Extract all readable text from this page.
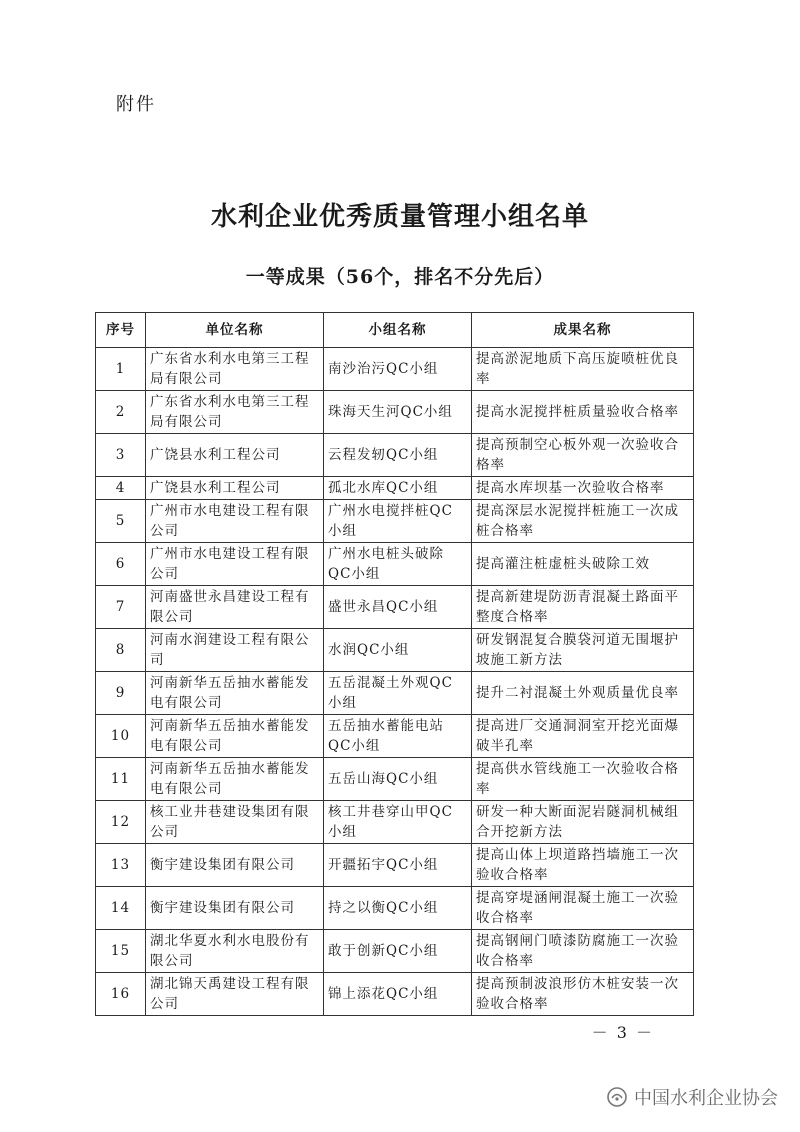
附件
水利企业优秀质量管理小组名单
一等成果（56个，排名不分先后）
序号	单位名称	小组名称	成果名称
1	广东省水利水电第三工程局有限公司	南沙治污QC小组	提高淤泥地质下高压旋喷桩优良率
2	广东省水利水电第三工程局有限公司	珠海天生河QC小组	提高水泥搅拌桩质量验收合格率
3	广饶县水利工程公司	云程发轫QC小组	提高预制空心板外观一次验收合格率
4	广饶县水利工程公司	孤北水库QC小组	提高水库坝基一次验收合格率
5	广州市水电建设工程有限公司	广州水电搅拌桩QC小组	提高深层水泥搅拌桩施工一次成桩合格率
6	广州市水电建设工程有限公司	广州水电桩头破除QC小组	提高灌注桩虚桩头破除工效
7	河南盛世永昌建设工程有限公司	盛世永昌QC小组	提高新建堤防沥青混凝土路面平整度合格率
8	河南水润建设工程有限公司	水润QC小组	研发钢混复合膜袋河道无围堰护坡施工新方法
9	河南新华五岳抽水蓄能发电有限公司	五岳混凝土外观QC小组	提升二衬混凝土外观质量优良率
10	河南新华五岳抽水蓄能发电有限公司	五岳抽水蓄能电站QC小组	提高进厂交通洞洞室开挖光面爆破半孔率
11	河南新华五岳抽水蓄能发电有限公司	五岳山海QC小组	提高供水管线施工一次验收合格率
12	核工业井巷建设集团有限公司	核工井巷穿山甲QC小组	研发一种大断面泥岩隧洞机械组合开挖新方法
13	衡宇建设集团有限公司	开疆拓宇QC小组	提高山体上坝道路挡墙施工一次验收合格率
14	衡宇建设集团有限公司	持之以衡QC小组	提高穿堤涵闸混凝土施工一次验收合格率
15	湖北华夏水利水电股份有限公司	敢于创新QC小组	提高钢闸门喷漆防腐施工一次验收合格率
16	湖北锦天禹建设工程有限公司	锦上添花QC小组	提高预制波浪形仿木桩安装一次验收合格率
－ 3 －
中国水利企业协会
